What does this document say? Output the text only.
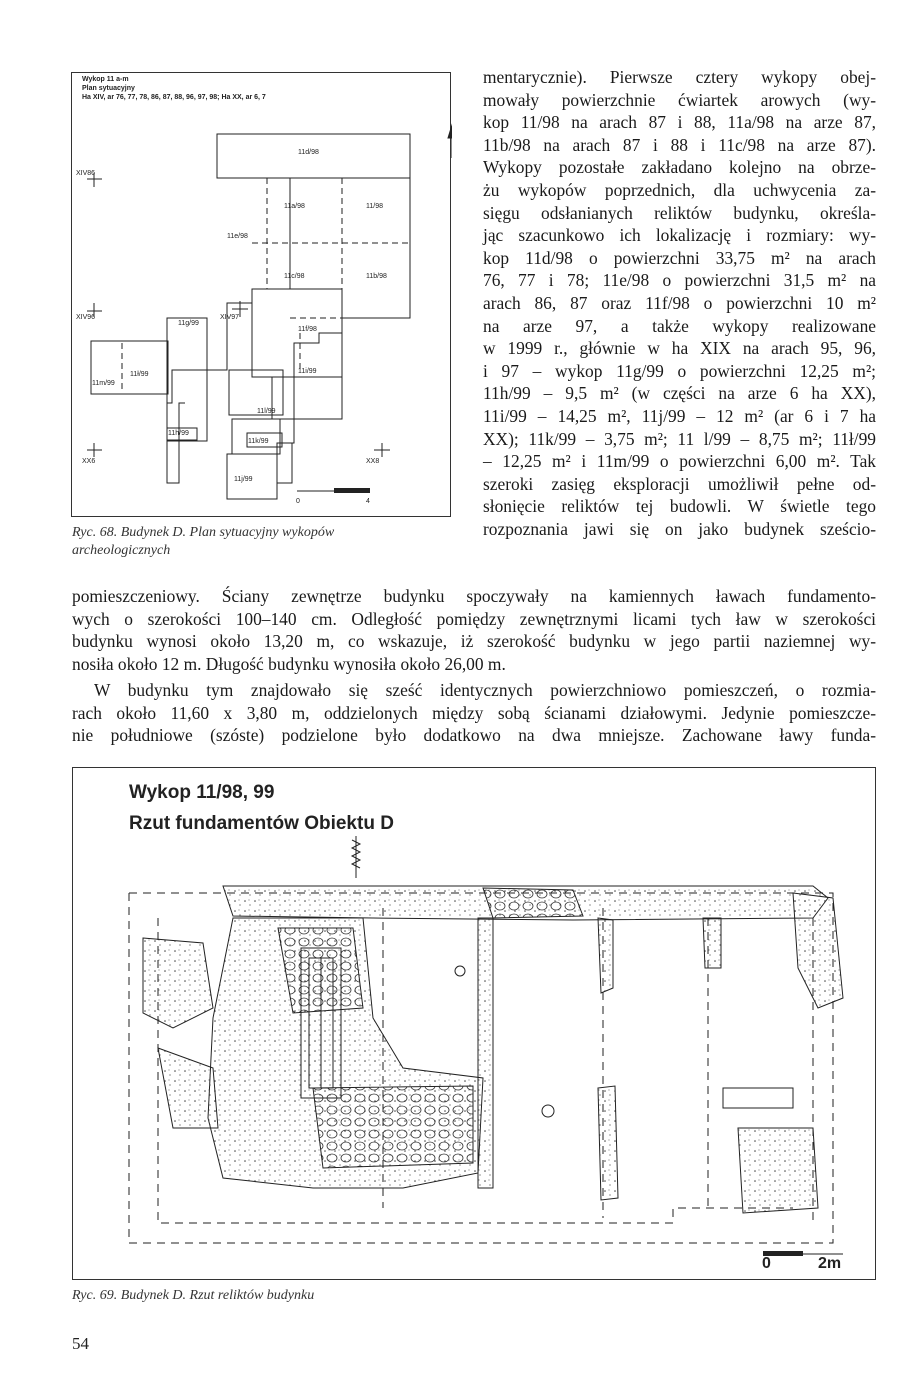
Wykop 11 a-m
Plan sytuacyjny
Ha XIV, ar 76, 77, 78, 86, 87, 88, 96, 97, 98; Ha XX, ar 6, 7
11d/98
11a/98	11/98
11e/98
11c/98	11b/98
11f/98
11g/99
11i/99
11l/99
11ł/99
11m/99
11h/99
11k/99
11j/99
XIV86
XIV96	XIV97
XX6	XX8
0	4
Ryc. 68. Budynek D. Plan sytuacyjny wykopów archeologicznych
mentarycznie). Pierwsze cztery wykopy obej-
mowały powierzchnie ćwiartek arowych (wy-
kop 11/98 na arach 87 i 88, 11a/98 na arze 87,
11b/98 na arach 87 i 88 i 11c/98 na arze 87).
Wykopy pozostałe zakładano kolejno na obrze-
żu wykopów poprzednich, dla uchwycenia za-
sięgu odsłanianych reliktów budynku, określa-
jąc szacunkowo ich lokalizację i rozmiary: wy-
kop 11d/98 o powierzchni 33,75 m² na arach
76, 77 i 78; 11e/98 o powierzchni 31,5 m² na
arach 86, 87 oraz 11f/98 o powierzchni 10 m²
na arze 97, a także wykopy realizowane
w 1999 r., głównie w ha XIX na arach 95, 96,
i 97 – wykop 11g/99 o powierzchni 12,25 m²;
11h/99 – 9,5 m² (w części na arze 6 ha XX),
11i/99 – 14,25 m², 11j/99 – 12 m² (ar 6 i 7 ha
XX); 11k/99 – 3,75 m²; 11 l/99 – 8,75 m²; 11ł/99
– 12,25 m² i 11m/99 o powierzchni 6,00 m². Tak
szeroki zasięg eksploracji umożliwił pełne od-
słonięcie reliktów tej budowli. W świetle tego
rozpoznania jawi się on jako budynek sześcio-
pomieszczeniowy. Ściany zewnętrze budynku spoczywały na kamiennych ławach fundamento-
wych o szerokości 100–140 cm. Odległość pomiędzy zewnętrznymi licami tych ław w szerokości
budynku wynosi około 13,20 m, co wskazuje, iż szerokość budynku w jego partii naziemnej wy-
nosiła około 12 m. Długość budynku wynosiła około 26,00 m.
W budynku tym znajdowało się sześć identycznych powierzchniowo pomieszczeń, o rozmia-
rach około 11,60 x 3,80 m, oddzielonych między sobą ścianami działowymi. Jedynie pomieszcze-
nie południowe (szóste) podzielone było dodatkowo na dwa mniejsze. Zachowane ławy funda-
Wykop 11/98, 99
Rzut fundamentów Obiektu D
0	2m
Ryc. 69. Budynek D. Rzut reliktów budynku
54
